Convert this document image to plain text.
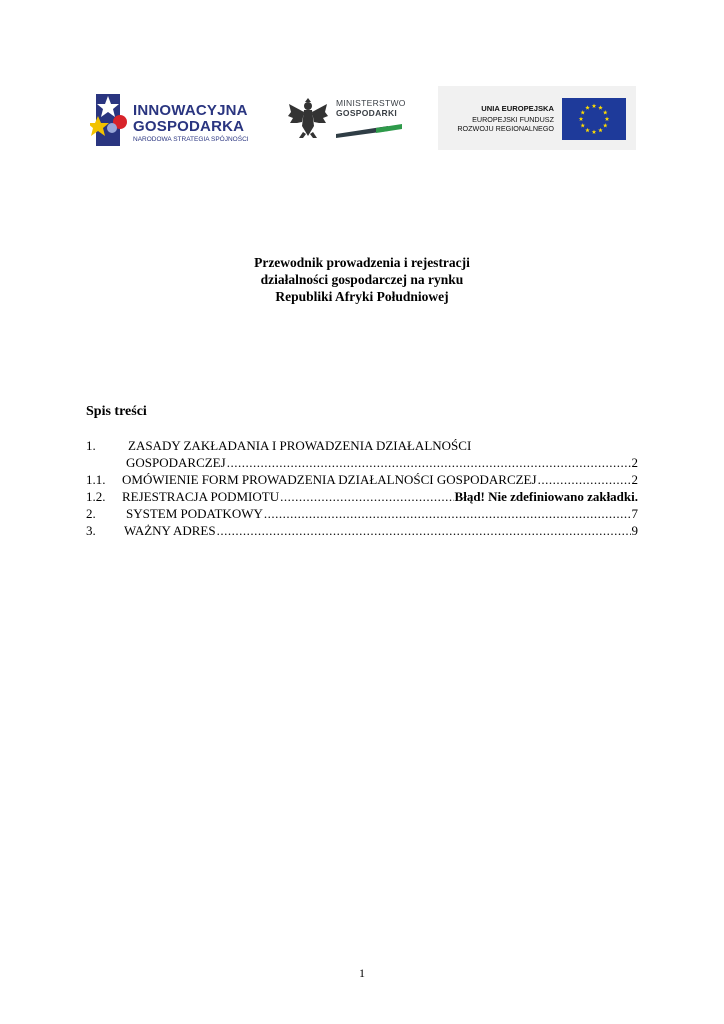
INNOWACYJNA
GOSPODARKA
NARODOWA STRATEGIA SPÓJNOŚCI
MINISTERSTWO
GOSPODARKI	UNIA EUROPEJSKA
EUROPEJSKI FUNDUSZ
ROZWOJU REGIONALNEGO
Przewodnik prowadzenia i rejestracji
działalności gospodarczej na rynku
Republiki Afryki Południowej
Spis treści
1. ZASADY ZAKŁADANIA I PROWADZENIA DZIAŁALNOŚCI
GOSPODARCZEJ .....	2
1.1. OMÓWIENIE FORM PROWADZENIA DZIAŁALNOŚCI GOSPODARCZEJ .....	2
1.2. REJESTRACJA PODMIOTU .....	Błąd! Nie zdefiniowano zakładki.
2. SYSTEM PODATKOWY .....	7
3. WAŻNY ADRES .....	9
1
